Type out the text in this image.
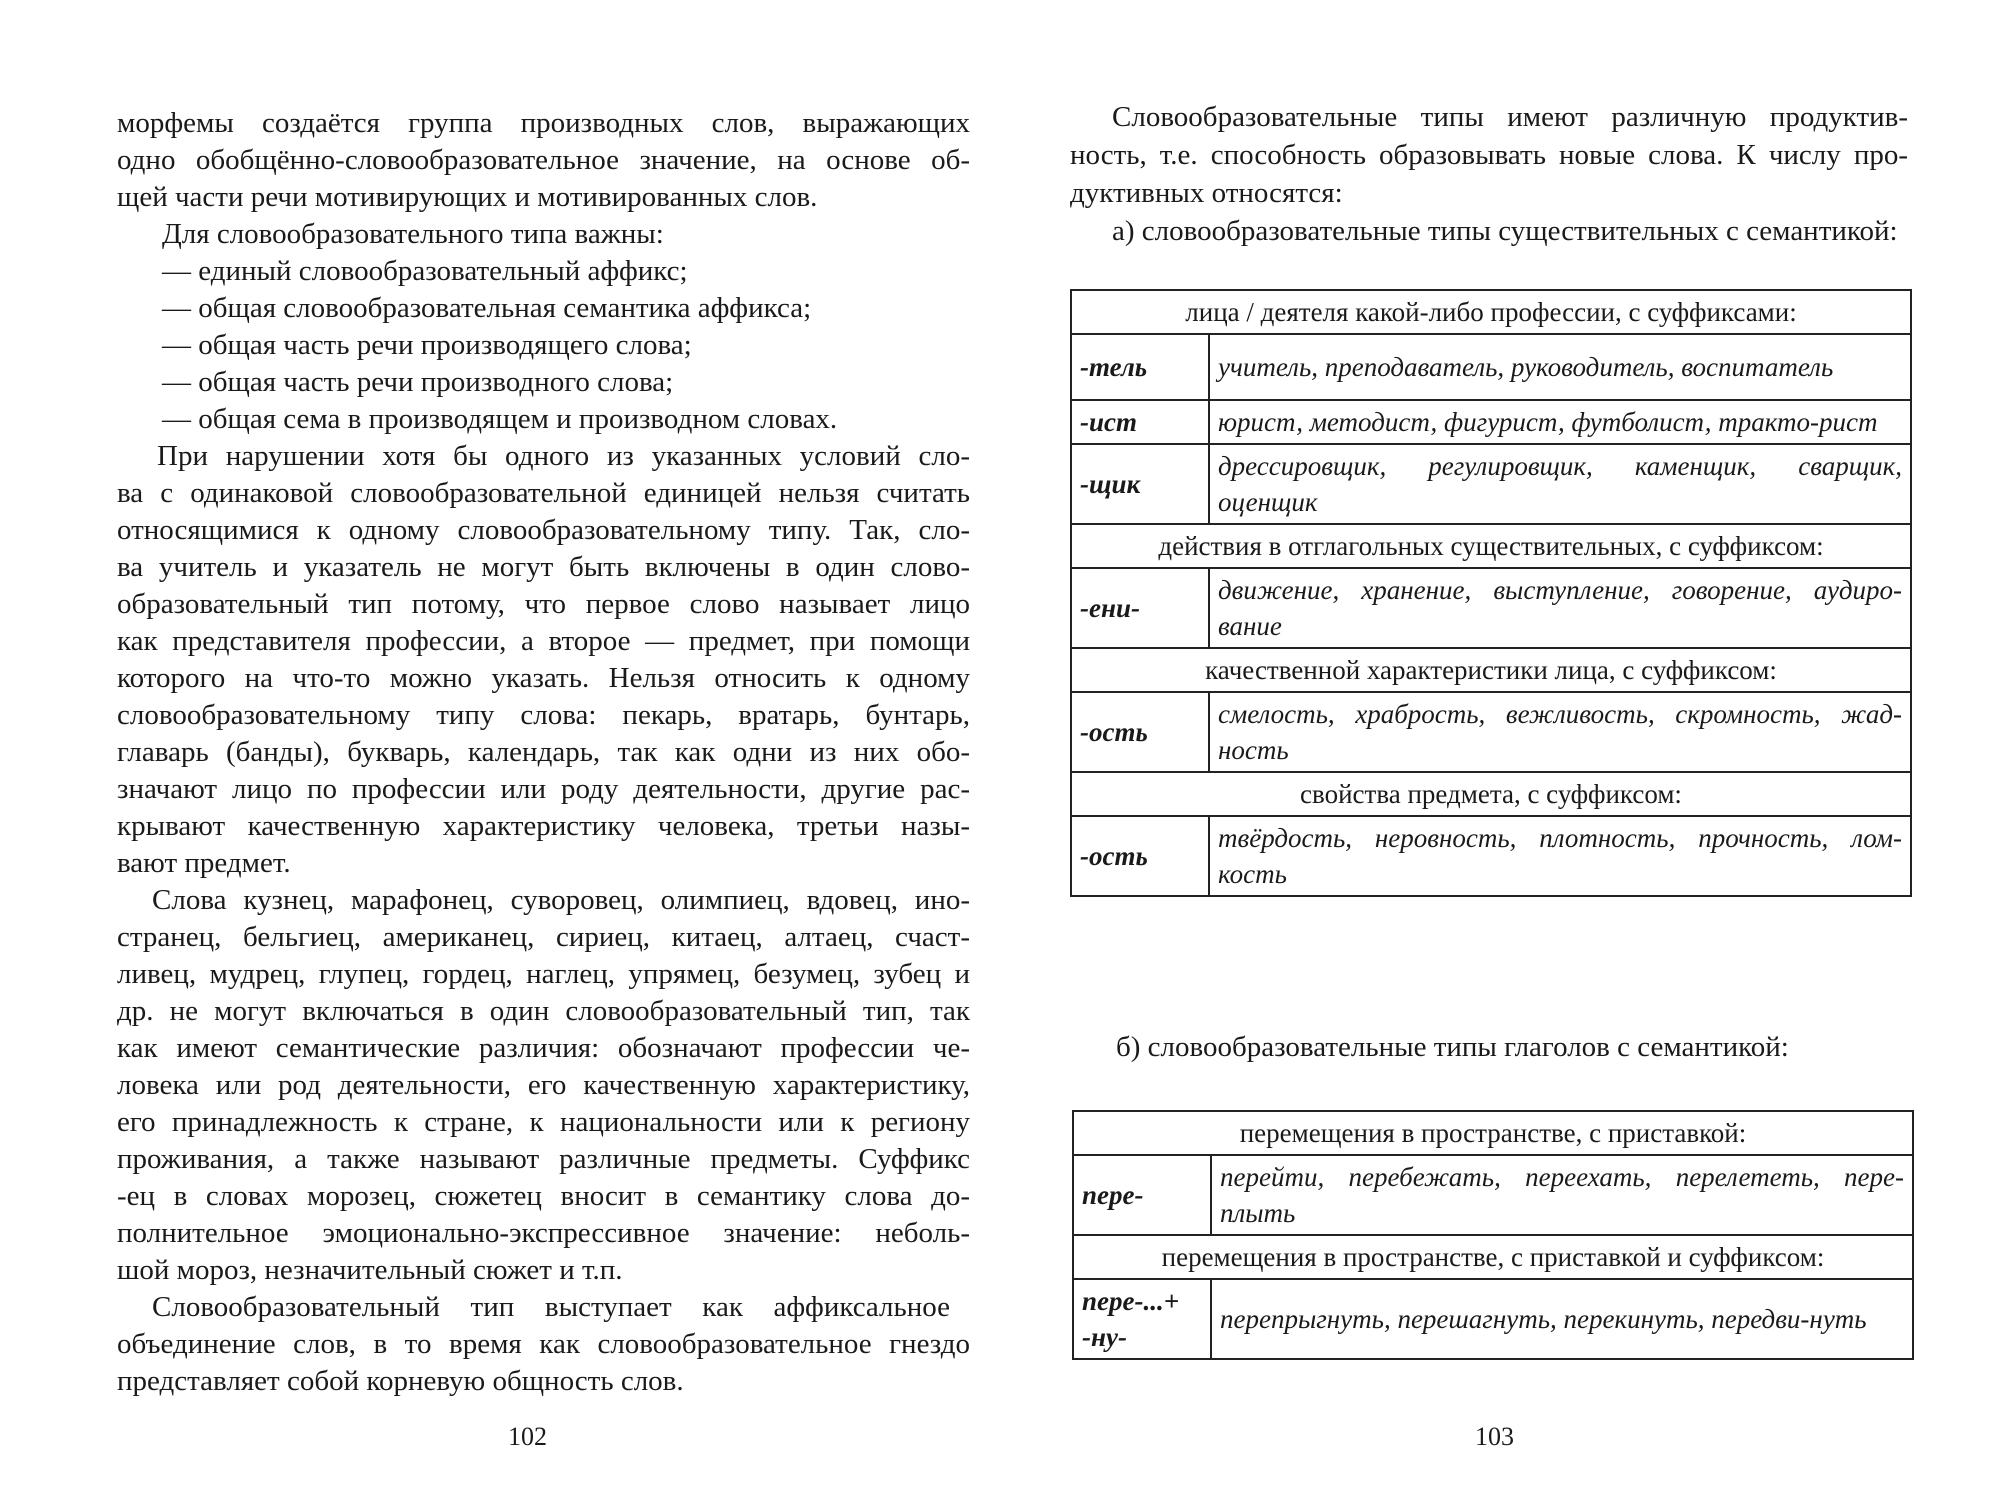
морфемы создаётся группа производных слов, выражающих
одно обобщённо-словообразовательное значение, на основе об-
щей части речи мотивирующих и мотивированных слов.
Для словообразовательного типа важны:
— единый словообразовательный аффикс;
— общая словообразовательная семантика аффикса;
— общая часть речи производящего слова;
— общая часть речи производного слова;
— общая сема в производящем и производном словах.
При нарушении хотя бы одного из указанных условий сло-
ва с одинаковой словообразовательной единицей нельзя считать
относящимися к одному словообразовательному типу. Так, сло-
ва учитель и указатель не могут быть включены в один слово-
образовательный тип потому, что первое слово называет лицо
как представителя профессии, а второе — предмет, при помощи
которого на что-то можно указать. Нельзя относить к одному
словообразовательному типу слова: пекарь, вратарь, бунтарь,
главарь (банды), букварь, календарь, так как одни из них обо-
значают лицо по профессии или роду деятельности, другие рас-
крывают качественную характеристику человека, третьи назы-
вают предмет.
Слова кузнец, марафонец, суворовец, олимпиец, вдовец, ино-
странец, бельгиец, американец, сириец, китаец, алтаец, счаст-
ливец, мудрец, глупец, гордец, наглец, упрямец, безумец, зубец и
др. не могут включаться в один словообразовательный тип, так
как имеют семантические различия: обозначают профессии че-
ловека или род деятельности, его качественную характеристику,
его принадлежность к стране, к национальности или к региону
проживания, а также называют различные предметы. Суффикс
-ец в словах морозец, сюжетец вносит в семантику слова до-
полнительное эмоционально-экспрессивное значение: неболь-
шой мороз, незначительный сюжет и т.п.
Словообразовательный тип выступает как аффиксальное
объединение слов, в то время как словообразовательное гнездо
представляет собой корневую общность слов.
102
Словообразовательные типы имеют различную продуктив-
ность, т.е. способность образовывать новые слова. К числу про-
дуктивных относятся:
а) словообразовательные типы существительных с семантикой:
лица / деятеля какой-либо профессии, с суффиксами:	
-тель	учитель, преподаватель, руководитель, воспитатель
-ист	юрист, методист, фигурист, футболист, тракто-рист
-щик	дрессировщик, регулировщик, каменщик, сварщик, оценщик
действия в отглагольных существительных, с суффиксом:	
-ени-	движение, хранение, выступление, говорение, аудиро-вание
качественной характеристики лица, с суффиксом:	
-ость	смелость, храбрость, вежливость, скромность, жад-ность
свойства предмета, с суффиксом:	
-ость	твёрдость, неровность, плотность, прочность, лом-кость
б) словообразовательные типы глаголов с семантикой:
перемещения в пространстве, с приставкой:	
пере-	перейти, перебежать, переехать, перелететь, пере-плыть
перемещения в пространстве, с приставкой и суффиксом:	
пере-...+ -ну-	перепрыгнуть, перешагнуть, перекинуть, передви-нуть
103
